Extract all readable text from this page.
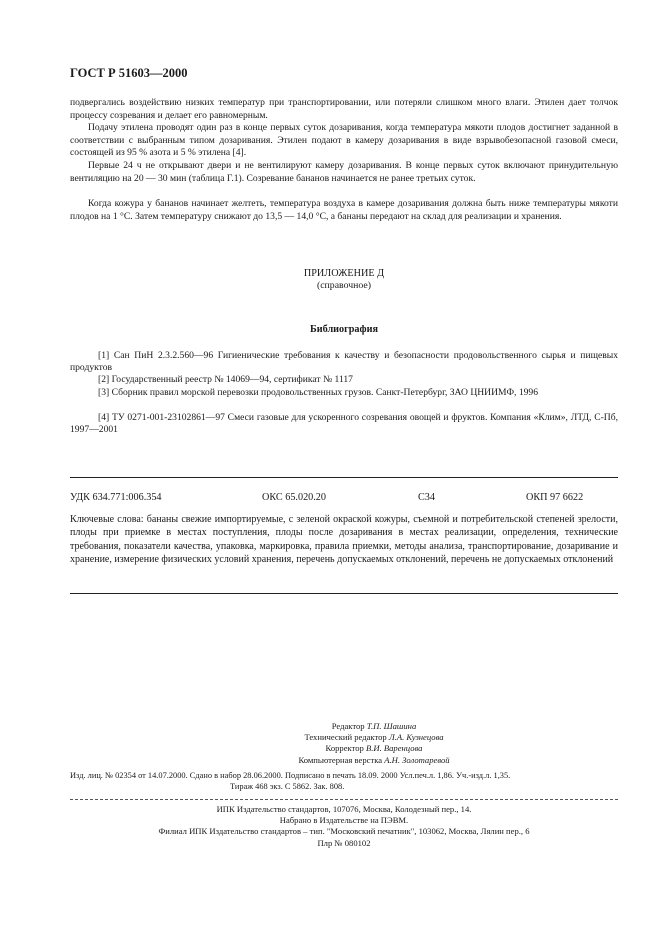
ГОСТ Р 51603—2000
подвергались воздействию низких температур при транспортировании, или потеряли слишком много влаги. Этилен дает толчок процессу созревания и делает его равномерным.
Подачу этилена проводят один раз в конце первых суток дозаривания, когда температура мякоти плодов достигнет заданной в соответствии с выбранным типом дозаривания. Этилен подают в камеру дозаривания в виде взрывобезопасной газовой смеси, состоящей из 95 % азота и 5 % этилена [4].
Первые 24 ч не открывают двери и не вентилируют камеру дозаривания. В конце первых суток включают принудительную вентиляцию на 20 — 30 мин (таблица Г.1). Созревание бананов начинается не ранее третьих суток.
Когда кожура у бананов начинает желтеть, температура воздуха в камере дозаривания должна быть ниже температуры мякоти плодов на 1 °С. Затем температуру снижают до 13,5 — 14,0 °С, а бананы передают на склад для реализации и хранения.
ПРИЛОЖЕНИЕ Д
(справочное)
Библиография
[1] Сан ПиН 2.3.2.560—96 Гигиенические требования к качеству и безопасности продовольственного сырья и пищевых продуктов
[2] Государственный реестр № 14069—94, сертификат № 1117
[3] Сборник правил морской перевозки продовольственных грузов. Санкт-Петербург, ЗАО ЦНИИМФ, 1996
[4] ТУ 0271-001-23102861—97 Смеси газовые для ускоренного созревания овощей и фруктов. Компания «Клим», ЛТД, С-Пб, 1997—2001
УДК 634.771:006.354	ОКС 65.020.20	С34	ОКП 97 6622
Ключевые слова: бананы свежие импортируемые, с зеленой окраской кожуры, съемной и потребительской степеней зрелости, плоды при приемке в местах поступления, плоды после дозаривания в местах реализации, определения, технические требования, показатели качества, упаковка, маркировка, правила приемки, методы анализа, транспортирование, дозаривание и хранение, измерение физических условий хранения, перечень допускаемых отклонений, перечень не допускаемых отклонений
Редактор Т.П. Шашина
Технический редактор Л.А. Кузнецова
Корректор В.И. Варенцова
Компьютерная верстка А.Н. Золотаревой
Изд. лиц. № 02354 от 14.07.2000. Сдано в набор 28.06.2000. Подписано в печать 18.09. 2000 Усл.печ.л. 1,86. Уч.-изд.л. 1,35.
Тираж 468 экз. С 5862. Зак. 808.
ИПК Издательство стандартов, 107076, Москва, Колодезный пер., 14.
Набрано в Издательстве на ПЭВМ.
Филиал ИПК Издательство стандартов – тип. "Московский печатник", 103062, Москва, Лялин пер., 6
Плр № 080102
